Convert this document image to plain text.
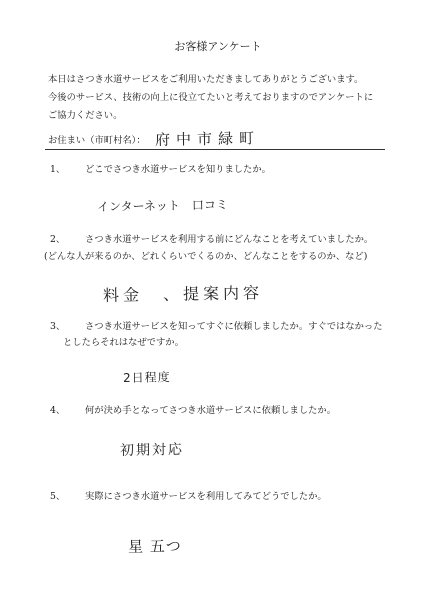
お客様アンケート
本日はさつき水道サービスをご利用いただきましてありがとうございます。
今後のサービス、技術の向上に役立てたいと考えておりますのでアンケートに
ご協力ください。
お住まい（市町村名）： 府中市緑町
1、 どこでさつき水道サービスを知りましたか。
インターネット　口コミ
2、 さつき水道サービスを利用する前にどんなことを考えていましたか。
(どんな人が来るのか、どれくらいでくるのか、どんなことをするのか、など)
料金　、提案内容
3、 さつき水道サービスを知ってすぐに依頼しましたか。すぐではなかった
としたらそれはなぜですか。
2日程度
4、 何が決め手となってさつき水道サービスに依頼しましたか。
初期対応
5、 実際にさつき水道サービスを利用してみてどうでしたか。
星 五つ
